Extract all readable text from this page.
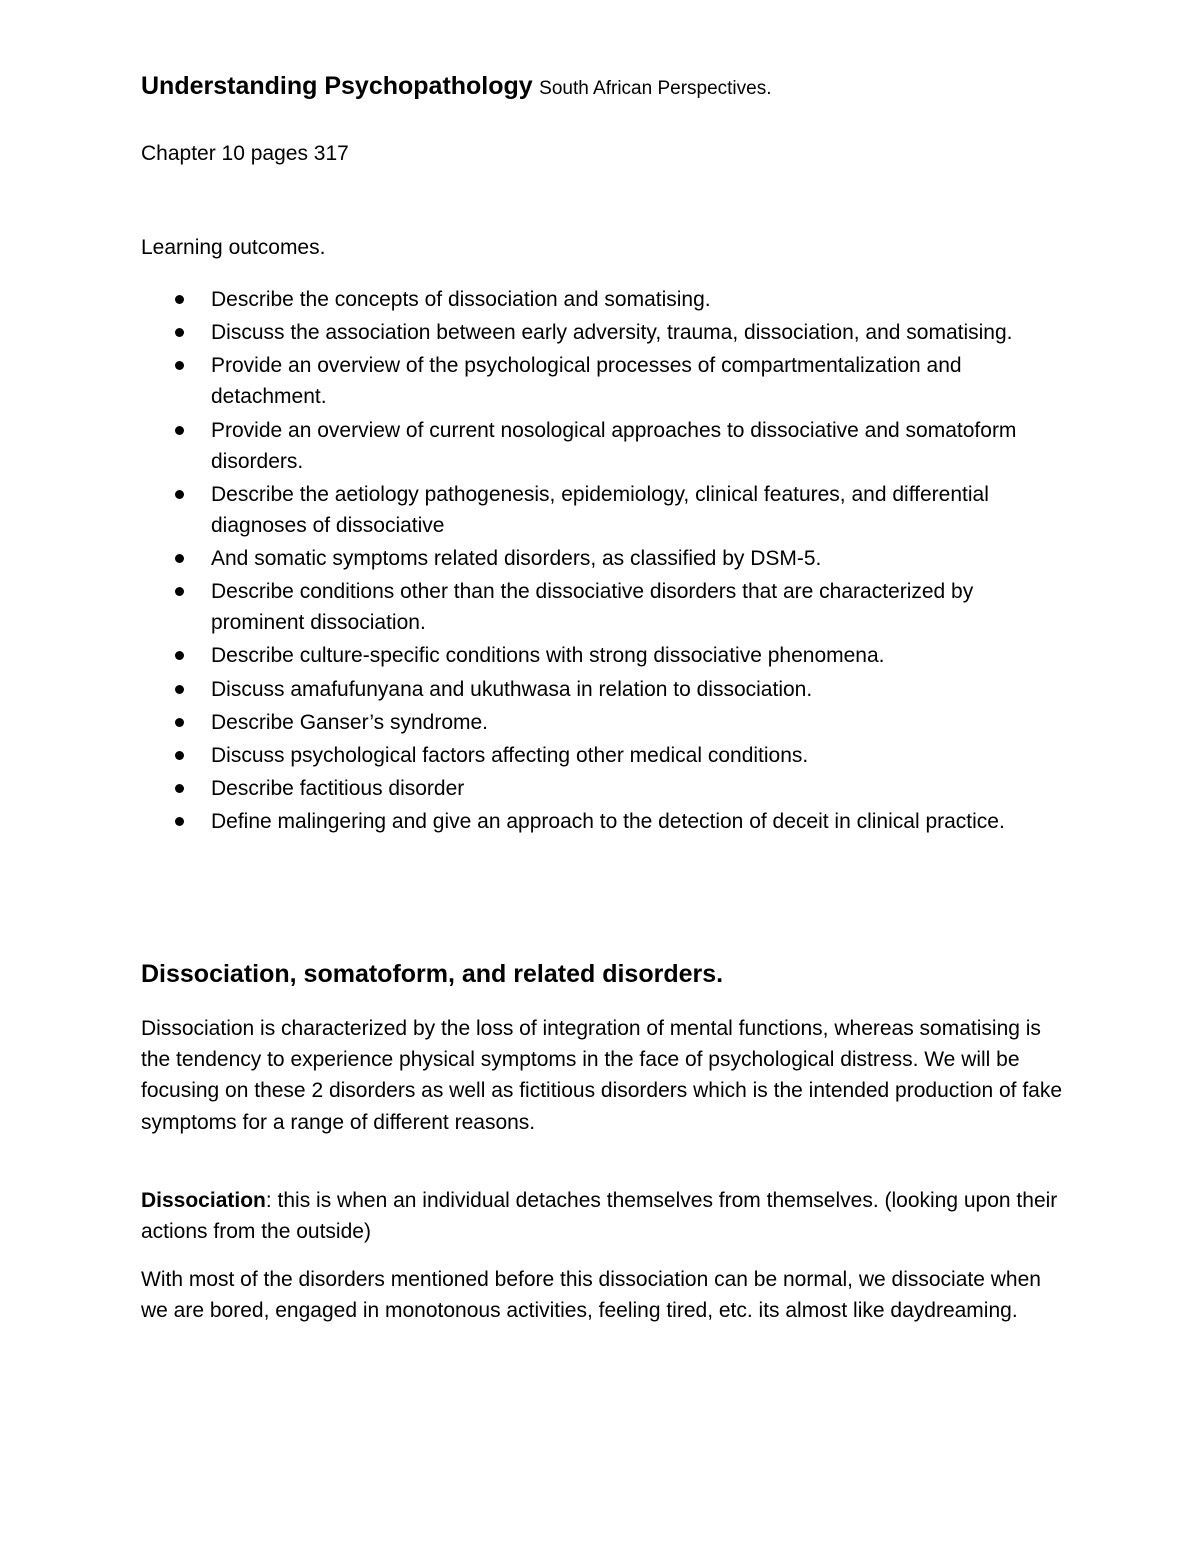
Understanding Psychopathology South African Perspectives.
Chapter 10 pages 317
Learning outcomes.
Describe the concepts of dissociation and somatising.
Discuss the association between early adversity, trauma, dissociation, and somatising.
Provide an overview of the psychological processes of compartmentalization and detachment.
Provide an overview of current nosological approaches to dissociative and somatoform disorders.
Describe the aetiology pathogenesis, epidemiology, clinical features, and differential diagnoses of dissociative
And somatic symptoms related disorders, as classified by DSM-5.
Describe conditions other than the dissociative disorders that are characterized by prominent dissociation.
Describe culture-specific conditions with strong dissociative phenomena.
Discuss amafufunyana and ukuthwasa in relation to dissociation.
Describe Ganser’s syndrome.
Discuss psychological factors affecting other medical conditions.
Describe factitious disorder
Define malingering and give an approach to the detection of deceit in clinical practice.
Dissociation, somatoform, and related disorders.

Dissociation is characterized by the loss of integration of mental functions, whereas somatising is the tendency to experience physical symptoms in the face of psychological distress. We will be focusing on these 2 disorders as well as fictitious disorders which is the intended production of fake symptoms for a range of different reasons.

Dissociation: this is when an individual detaches themselves from themselves. (looking upon their actions from the outside)

With most of the disorders mentioned before this dissociation can be normal, we dissociate when we are bored, engaged in monotonous activities, feeling tired, etc. its almost like daydreaming.
